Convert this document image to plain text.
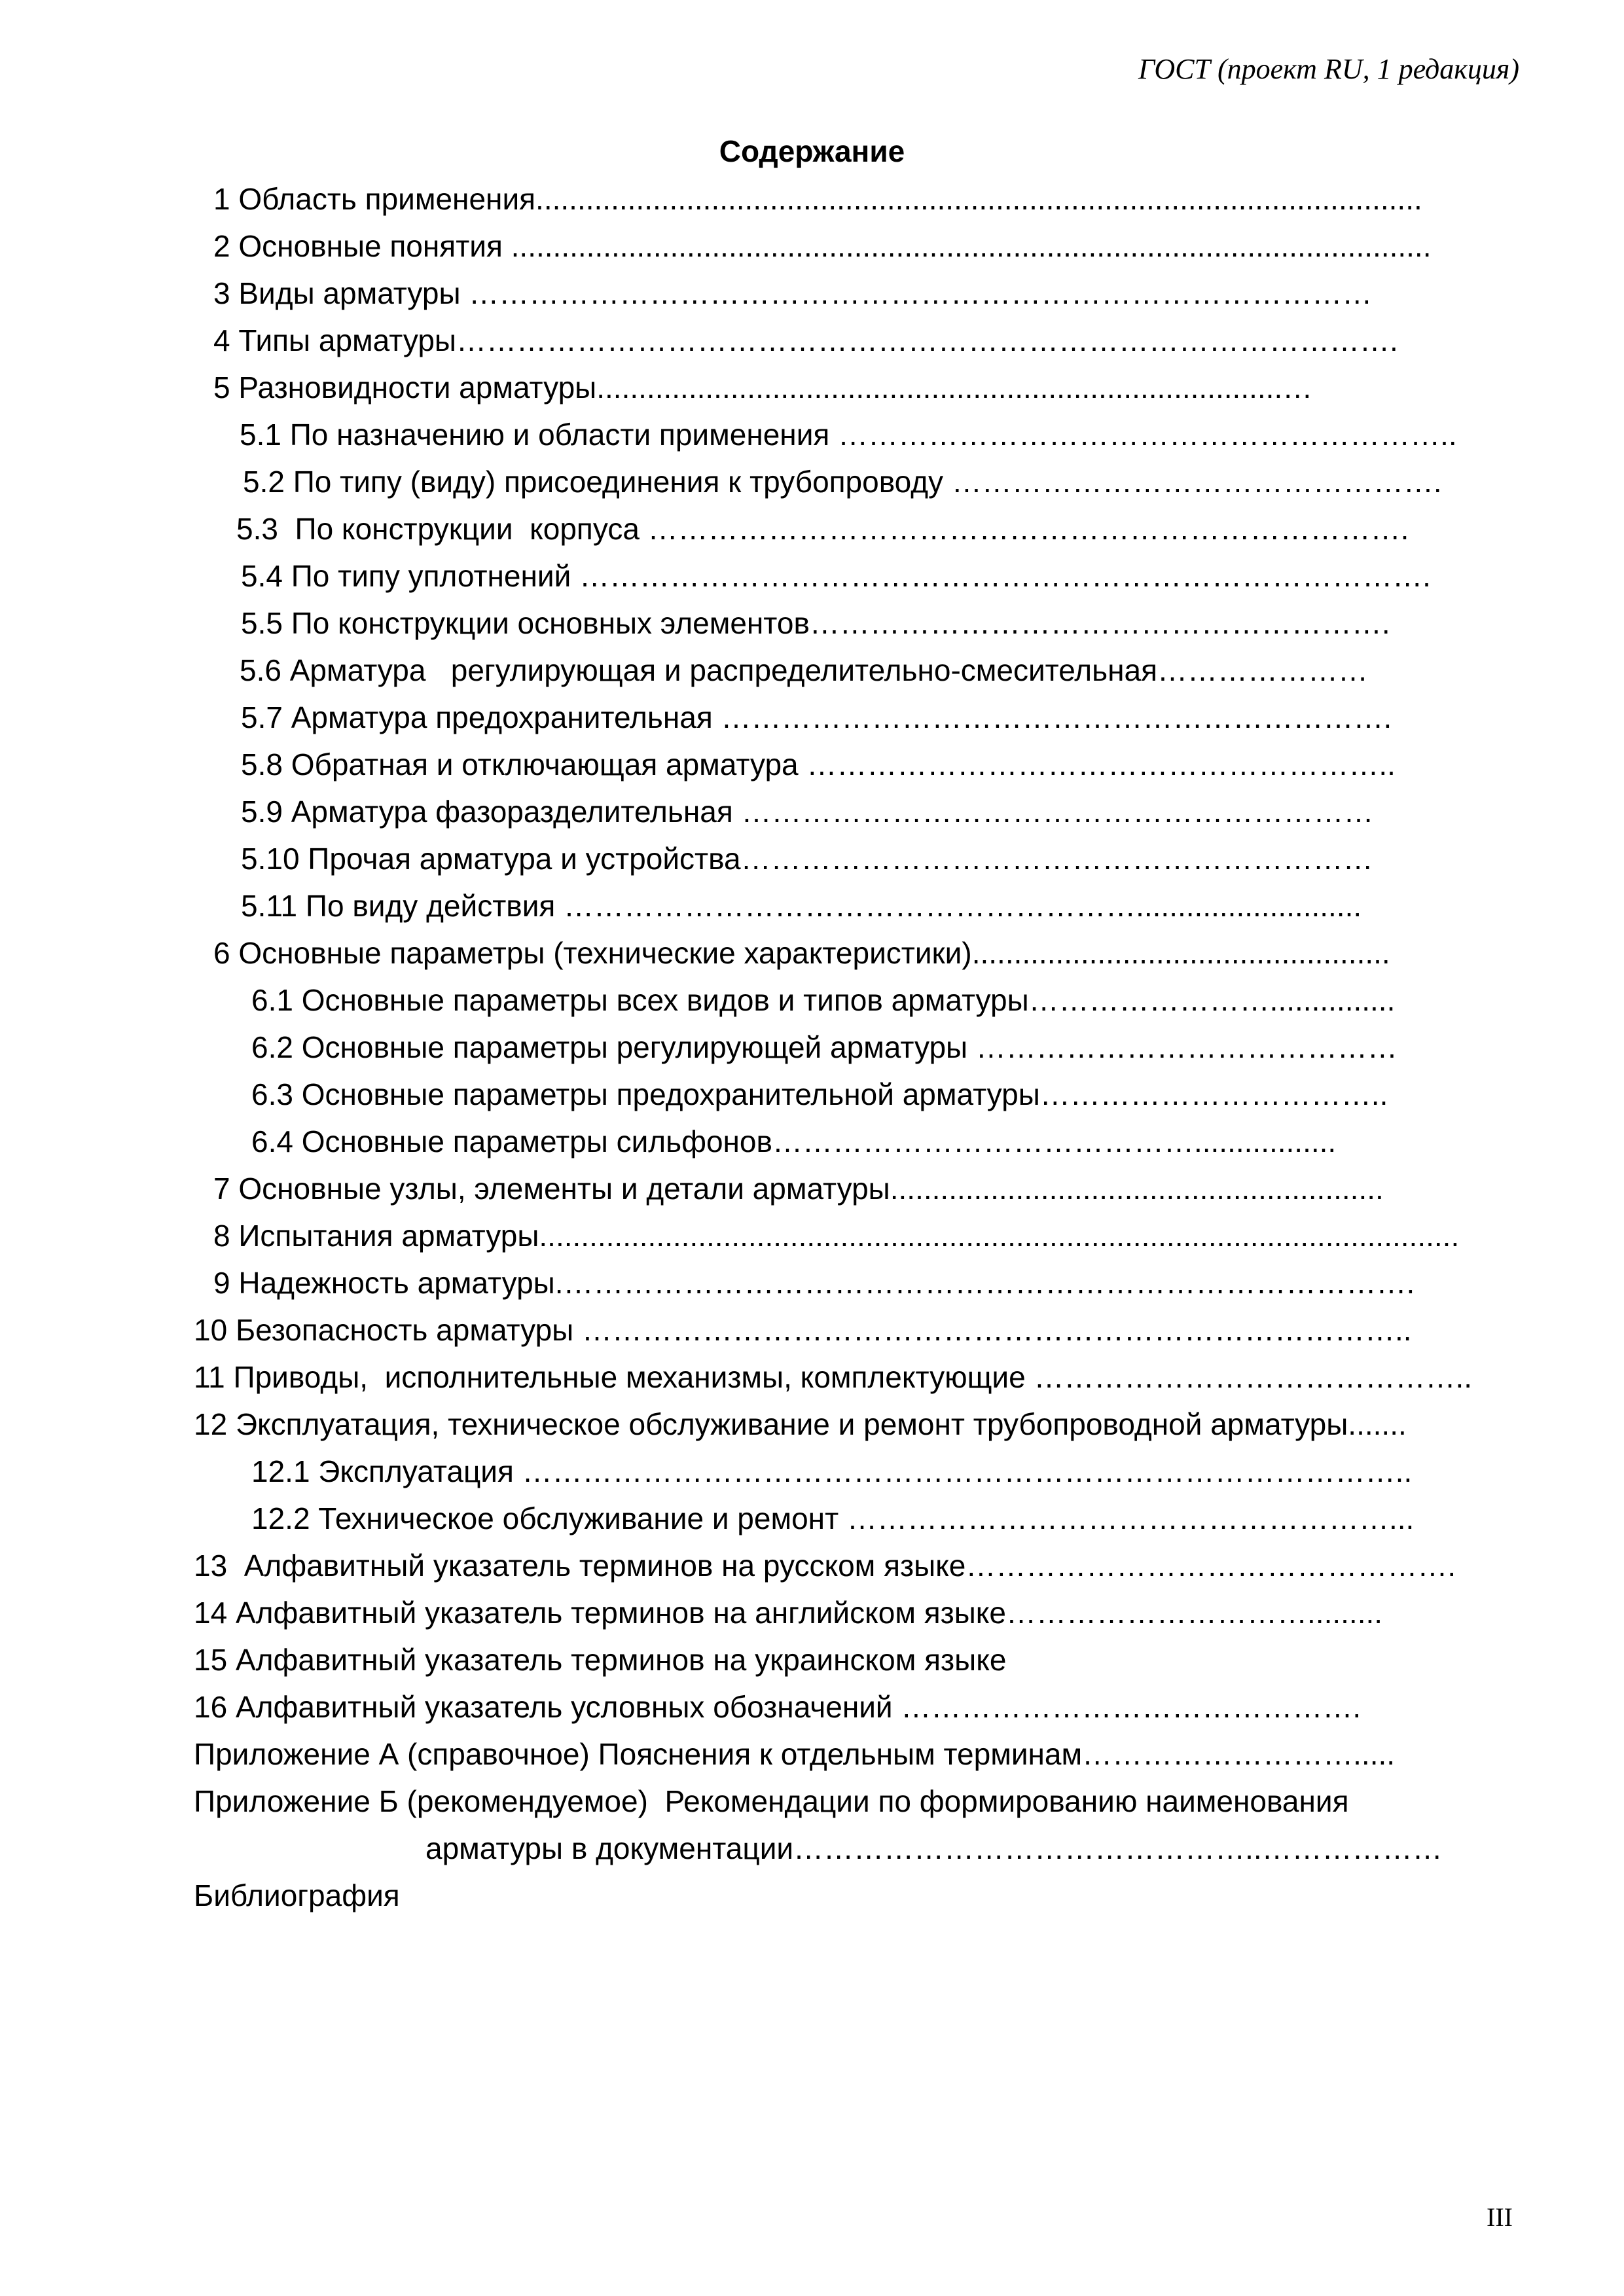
ГОСТ (проект RU, 1 редакция)
Содержание
1 Область применения..........................................................................................................
2 Основные понятия ..............................................................................................................
3 Виды арматуры ………………………………………………………………………………
4 Типы арматуры………………………………………………………………………………….
5 Разновидности арматуры..................................................................................…
5.1 По назначению и области применения ……………………………………………………..
5.2 По типу (виду) присоединения к трубопроводу ………………………………………….
5.3  По конструкции  корпуса ………………………………………………………………….
5.4 По типу уплотнений ………………………………………………………………………….
5.5 По конструкции основных элементов………………………………………………….
5.6 Арматура   регулирующая и распределительно-смесительная…………………
5.7 Арматура предохранительная ………………………………………………………….
5.8 Обратная и отключающая арматура …………………………………………………..
5.9 Арматура фазоразделительная ………………………………………………………
5.10 Прочая арматура и устройства………………………………………………………
5.11 По виду действия …………………………………………………...........................
6 Основные параметры (технические характеристики)..................................................
6.1 Основные параметры всех видов и типов арматуры……………………...............
6.2 Основные параметры регулирующей арматуры ……………………………………
6.3 Основные параметры предохранительной арматуры……………………………..
6.4 Основные параметры сильфонов…………………………………….................
7 Основные узлы, элементы и детали арматуры...........................................................
8 Испытания арматуры..............................................................................................................
9 Надежность арматуры.………………………………………………………………………….
10 Безопасность арматуры ………………………………………………………………………..
11 Приводы,  исполнительные механизмы, комплектующие ……………………………………..
12 Эксплуатация, техническое обслуживание и ремонт трубопроводной арматуры.......
12.1 Эксплуатация ……………………………………………………………………………..
12.2 Техническое обслуживание и ремонт ………………………………………………...
13  Алфавитный указатель терминов на русском языке………………………………………….
14 Алфавитный указатель терминов на английском языке………………………….........
15 Алфавитный указатель терминов на украинском языке
16 Алфавитный указатель условных обозначений ……………………………………….
Приложение А (справочное) Пояснения к отдельным терминам……………………….....
Приложение Б (рекомендуемое)  Рекомендации по формированию наименования
арматуры в документации………………………………………..………………
Библиография
III
